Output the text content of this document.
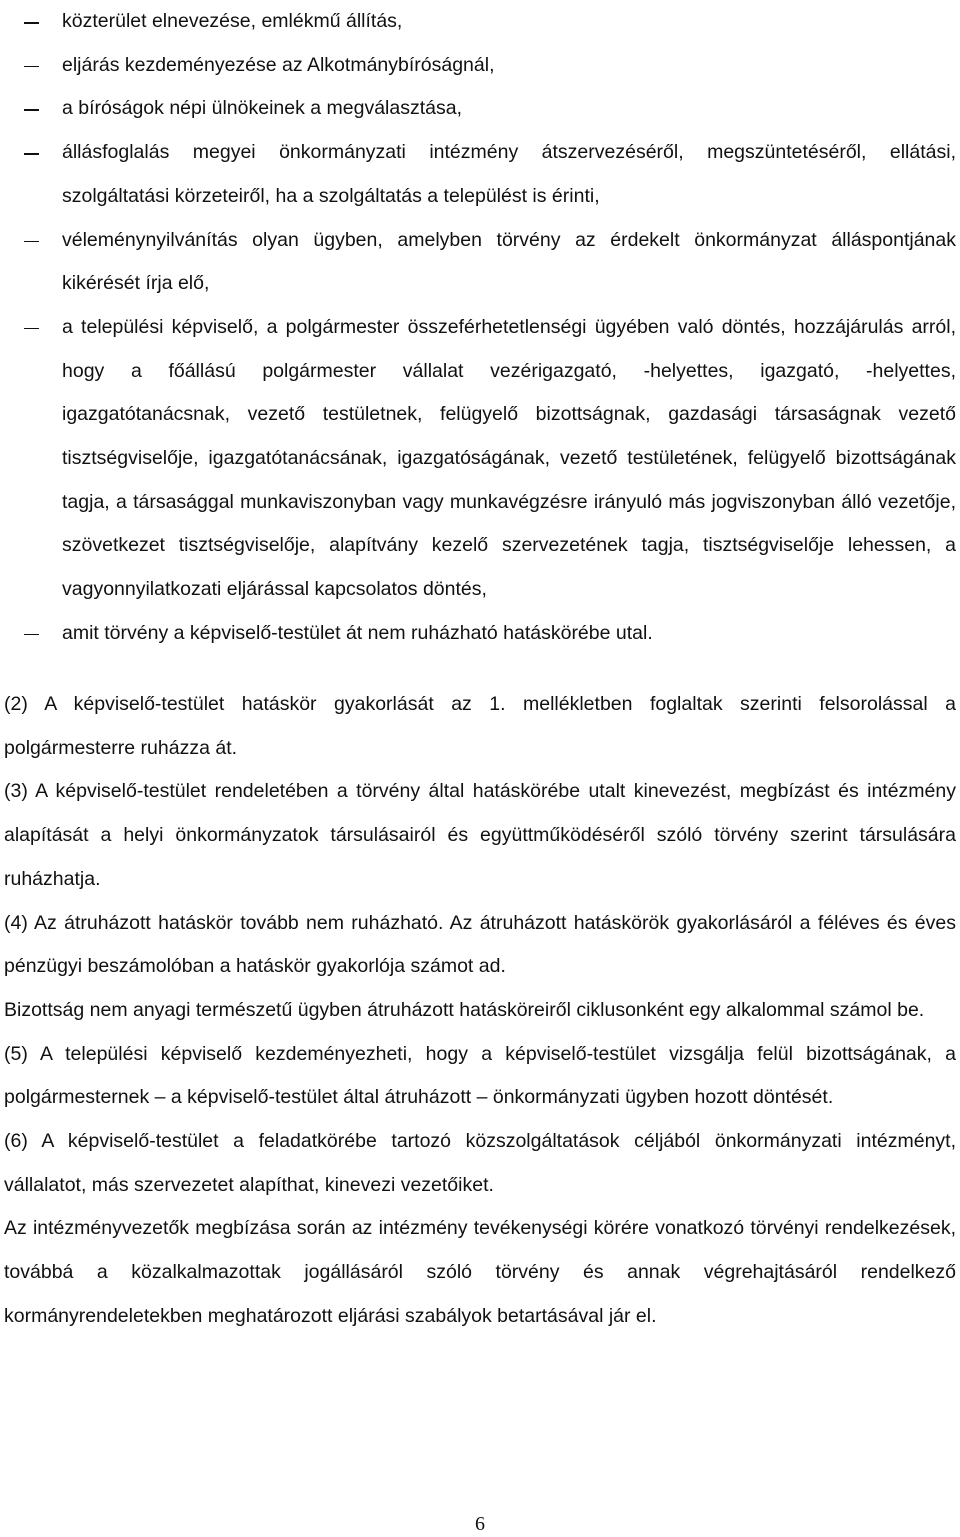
közterület elnevezése, emlékmű állítás,
eljárás kezdeményezése az Alkotmánybíróságnál,
a bíróságok népi ülnökeinek a megválasztása,
állásfoglalás megyei önkormányzati intézmény átszervezéséről, megszüntetéséről, ellátási, szolgáltatási körzeteiről, ha a szolgáltatás a települést is érinti,
véleménynyilvánítás olyan ügyben, amelyben törvény az érdekelt önkormányzat álláspontjának kikérését írja elő,
a települési képviselő, a polgármester összeférhetetlenségi ügyében való döntés, hozzájárulás arról, hogy a főállású polgármester vállalat vezérigazgató, -helyettes, igazgató, -helyettes, igazgatótanácsnak, vezető testületnek, felügyelő bizottságnak, gazdasági társaságnak vezető tisztségviselője, igazgatótanácsának, igazgatóságának, vezető testületének, felügyelő bizottságának tagja, a társasággal munkaviszonyban vagy munkavégzésre irányuló más jogviszonyban álló vezetője, szövetkezet tisztségviselője, alapítvány kezelő szervezetének tagja, tisztségviselője lehessen, a vagyonnyilatkozati eljárással kapcsolatos döntés,
amit törvény a képviselő-testület át nem ruházható hatáskörébe utal.

(2) A képviselő-testület hatáskör gyakorlását az 1. mellékletben foglaltak szerinti felsorolással a polgármesterre ruházza át.

(3) A képviselő-testület rendeletében a törvény által hatáskörébe utalt kinevezést, megbízást és intézmény alapítását a helyi önkormányzatok társulásairól és együttműködéséről szóló törvény szerint társulására ruházhatja.

(4) Az átruházott hatáskör tovább nem ruházható. Az átruházott hatáskörök gyakorlásáról a féléves és éves pénzügyi beszámolóban a hatáskör gyakorlója számot ad.

Bizottság nem anyagi természetű ügyben átruházott hatásköreiről ciklusonként egy alkalommal számol be.

(5) A települési képviselő kezdeményezheti, hogy a képviselő-testület vizsgálja felül bizottságának, a polgármesternek – a képviselő-testület által átruházott – önkormányzati ügyben hozott döntését.

(6) A képviselő-testület a feladatkörébe tartozó közszolgáltatások céljából önkormányzati intézményt, vállalatot, más szervezetet alapíthat, kinevezi vezetőiket.

Az intézményvezetők megbízása során az intézmény tevékenységi körére vonatkozó törvényi rendelkezések, továbbá a közalkalmazottak jogállásáról szóló törvény és annak végrehajtásáról rendelkező kormányrendeletekben meghatározott eljárási szabályok betartásával jár el.

6
